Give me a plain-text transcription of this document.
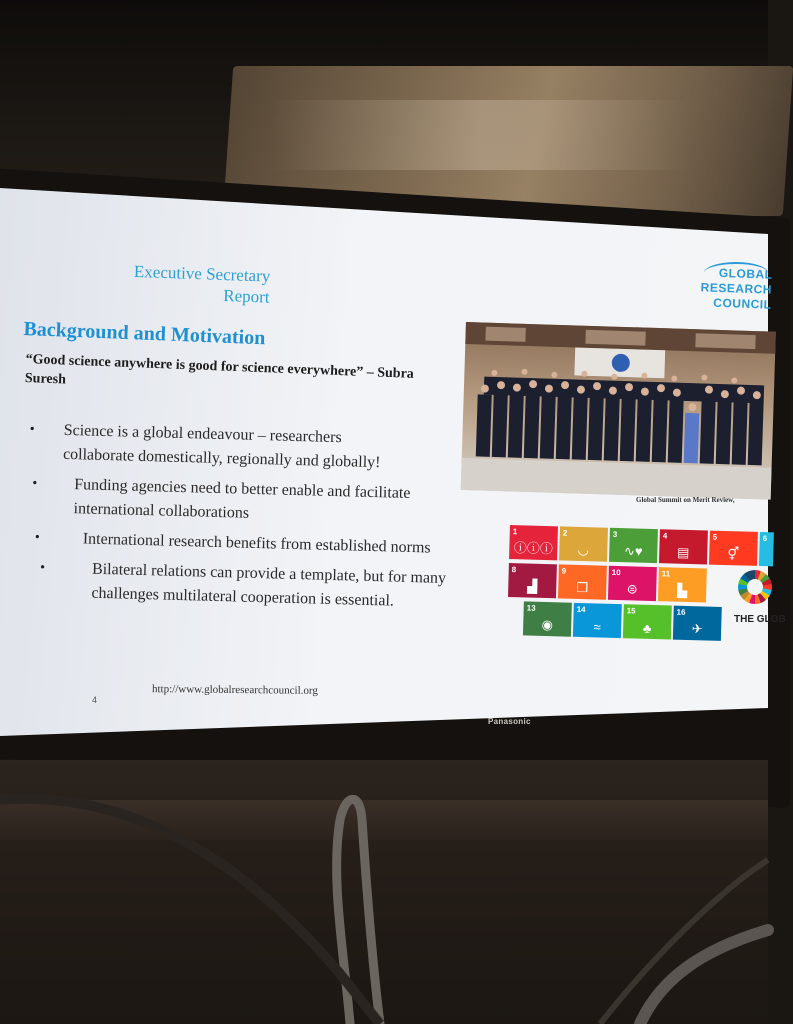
GLOBAL
RESEARCH
COUNCIL
Executive Secretary
Report
Background and Motivation
“Good science anywhere is good for science everywhere” – Subra Suresh
• Science is a global endeavour – researchers collaborate domestically, regionally and globally!
• Funding agencies need to better enable and facilitate international collaborations
•	International research benefits from established norms
•	Bilateral relations can provide a template, but for many challenges multilateral cooperation is essential.
4
http://www.globalresearchcouncil.org
Global Summit on Merit Review,
1
ⓘⓘⓘ
2
◡
3
∿♥
4
▤
5
⚥
6
8
▟
9
❒
10
⊜
11
▙
13
◉
14
≈
15
♣
16
✈
THE GLOB
Panasonic
